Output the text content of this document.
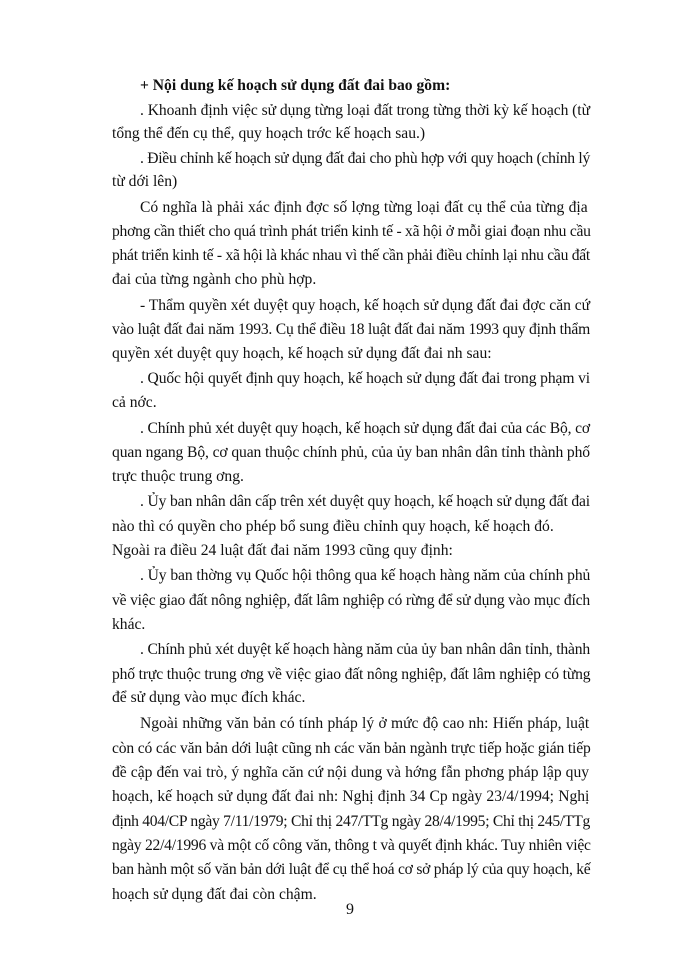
9
+ Nội dung kế hoạch sử dụng đất đai bao gồm:
. Khoanh định việc sử dụng từng loại đất trong từng thời kỳ kế hoạch (từ
tổng thể đến cụ thể, quy hoạch trớc kế hoạch sau.)
. Điều chỉnh kế hoạch sử dụng đất đai cho phù hợp với quy hoạch (chỉnh lý
từ dới lên)
Có nghĩa là phải xác định đợc số lợng từng loại đất cụ thể của từng địa
phơng cần thiết cho quá trình phát triển kinh tế - xã hội ở mỗi giai đoạn nhu cầu
phát triển kinh tế - xã hội là khác nhau vì thế cần phải điều chỉnh lại nhu cầu đất
đai của từng ngành cho phù hợp.
- Thẩm quyền xét duyệt quy hoạch, kế hoạch sử dụng đất đai đợc căn cứ
vào luật đất đai năm 1993. Cụ thể điều 18 luật đất đai năm 1993 quy định thẩm
quyền xét duyệt quy hoạch, kế hoạch sử dụng đất đai nh sau:
. Quốc hội quyết định quy hoạch, kế hoạch sử dụng đất đai trong phạm vi
cả nớc.
. Chính phủ xét duyệt quy hoạch, kế hoạch sử dụng đất đai của các Bộ, cơ
quan ngang Bộ, cơ quan thuộc chính phủ, của ủy ban nhân dân tỉnh thành phố
trực thuộc trung ơng.
. Ủy ban nhân dân cấp trên xét duyệt quy hoạch, kế hoạch sử dụng đất đai
nào thì có quyền cho phép bổ sung điều chỉnh quy hoạch, kế hoạch đó.
Ngoài ra điều 24 luật đất đai năm 1993 cũng quy định:
. Ủy ban thờng vụ Quốc hội thông qua kế hoạch hàng năm của chính phủ
về việc giao đất nông nghiệp, đất lâm nghiệp có rừng để sử dụng vào mục đích
khác.
. Chính phủ xét duyệt kế hoạch hàng năm của ủy ban nhân dân tỉnh, thành
phố trực thuộc trung ơng về việc giao đất nông nghiệp, đất lâm nghiệp có từng
để sử dụng vào mục đích khác.
Ngoài những văn bản có tính pháp lý ở mức độ cao nh: Hiến pháp, luật
còn có các văn bản dới luật cũng nh các văn bản ngành trực tiếp hoặc gián tiếp
đề cập đến vai trò, ý nghĩa căn cứ nội dung và hớng fẫn phơng pháp lập quy
hoạch, kế hoạch sử dụng đất đai nh: Nghị định 34 Cp ngày 23/4/1994; Nghị
định 404/CP ngày 7/11/1979; Chỉ thị 247/TTg ngày 28/4/1995; Chỉ thị 245/TTg
ngày 22/4/1996 và một cố công văn, thông t và quyết định khác. Tuy nhiên việc
ban hành một số văn bản dới luật để cụ thể hoá cơ sở pháp lý của quy hoạch, kế
hoạch sử dụng đất đai còn chậm.
